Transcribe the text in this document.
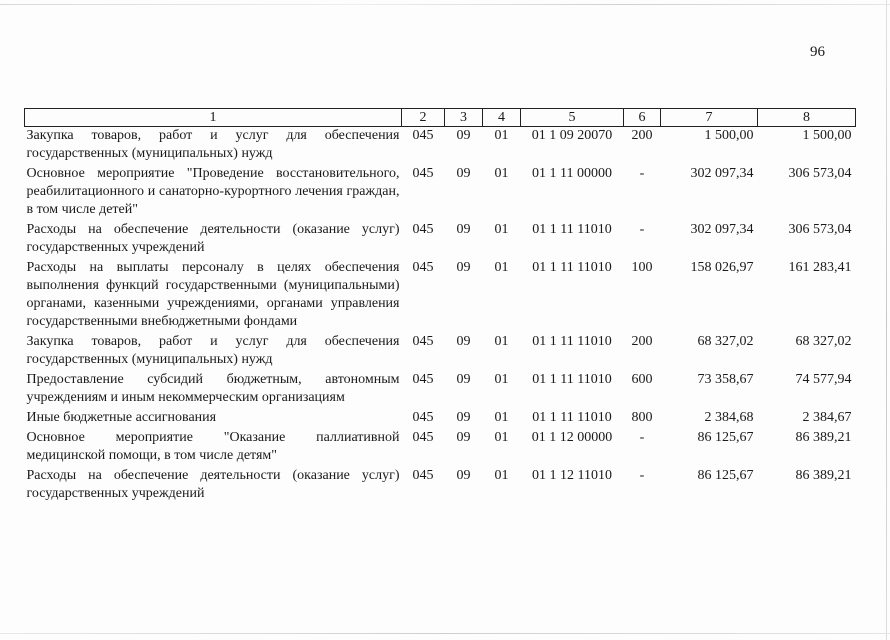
96
1	2	3	4	5	6	7	8
Закупка товаров, работ и услуг для обеспечения государственных (муниципальных) нужд	045	09	01	01 1 09 20070	200	1 500,00	1 500,00
Основное мероприятие "Проведение восстановительного, реабилитационного и санаторно-курортного лечения граждан, в том числе детей"	045	09	01	01 1 11 00000	-	302 097,34	306 573,04
Расходы на обеспечение деятельности (оказание услуг) государственных учреждений	045	09	01	01 1 11 11010	-	302 097,34	306 573,04
Расходы на выплаты персоналу в целях обеспечения выполнения функций государственными (муниципальными) органами, казенными учреждениями, органами управления государственными внебюджетными фондами	045	09	01	01 1 11 11010	100	158 026,97	161 283,41
Закупка товаров, работ и услуг для обеспечения государственных (муниципальных) нужд	045	09	01	01 1 11 11010	200	68 327,02	68 327,02
Предоставление субсидий бюджетным, автономным учреждениям и иным некоммерческим организациям	045	09	01	01 1 11 11010	600	73 358,67	74 577,94
Иные бюджетные ассигнования	045	09	01	01 1 11 11010	800	2 384,68	2 384,67
Основное мероприятие "Оказание паллиативной медицинской помощи, в том числе детям"	045	09	01	01 1 12 00000	-	86 125,67	86 389,21
Расходы на обеспечение деятельности (оказание услуг) государственных учреждений	045	09	01	01 1 12 11010	-	86 125,67	86 389,21
